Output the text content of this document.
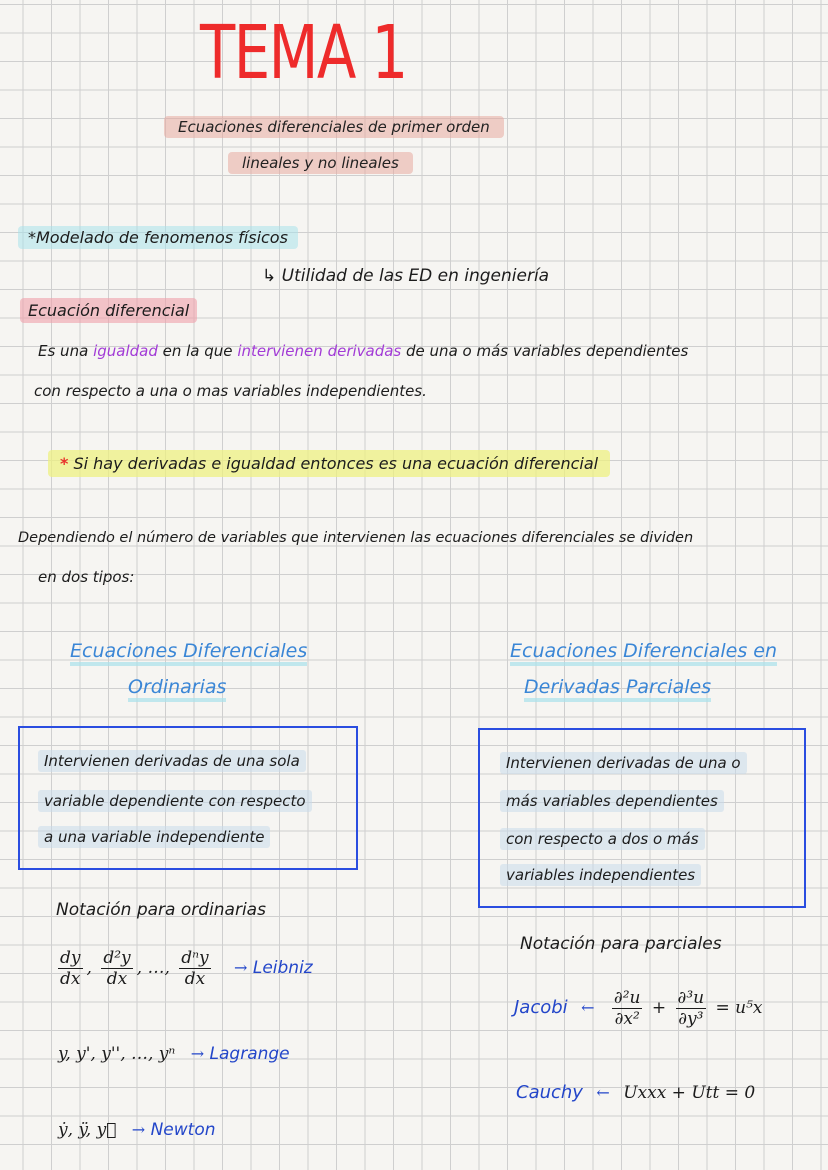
TEMA 1
Ecuaciones diferenciales de primer orden
lineales y no lineales
*Modelado de fenomenos físicos
↳ Utilidad de las ED en ingeniería
Ecuación diferencial
Es una igualdad en la que intervienen derivadas de una o más variables dependientes
con respecto a una o mas variables independientes.
* Si hay derivadas e igualdad entonces es una ecuación diferencial
Dependiendo el número de variables que intervienen las ecuaciones diferenciales se dividen
en dos tipos:
Ecuaciones Diferenciales
Ordinarias
Ecuaciones Diferenciales en
Derivadas Parciales
Intervienen derivadas de una sola
variable dependiente con respecto
a una variable independiente
Intervienen derivadas de una o
más variables dependientes
con respecto a dos o más
variables independientes
Notación para ordinarias
$\frac{dy}{dx}$ , $\frac{\text{d²y}}{dx}$ , …, $\frac{\text{dⁿy}}{dx}$ → Leibniz
y, y', y'', …, yⁿ → Lagrange
ẏ, ÿ, y⃛ → Newton
Notación para parciales
Jacobi ← $\frac{\text{∂²u}}{\text{∂x²}} + \frac{\text{∂³u}}{\text{∂y³}} = u^5x$
Cauchy ← Uxxx + Utt = 0
